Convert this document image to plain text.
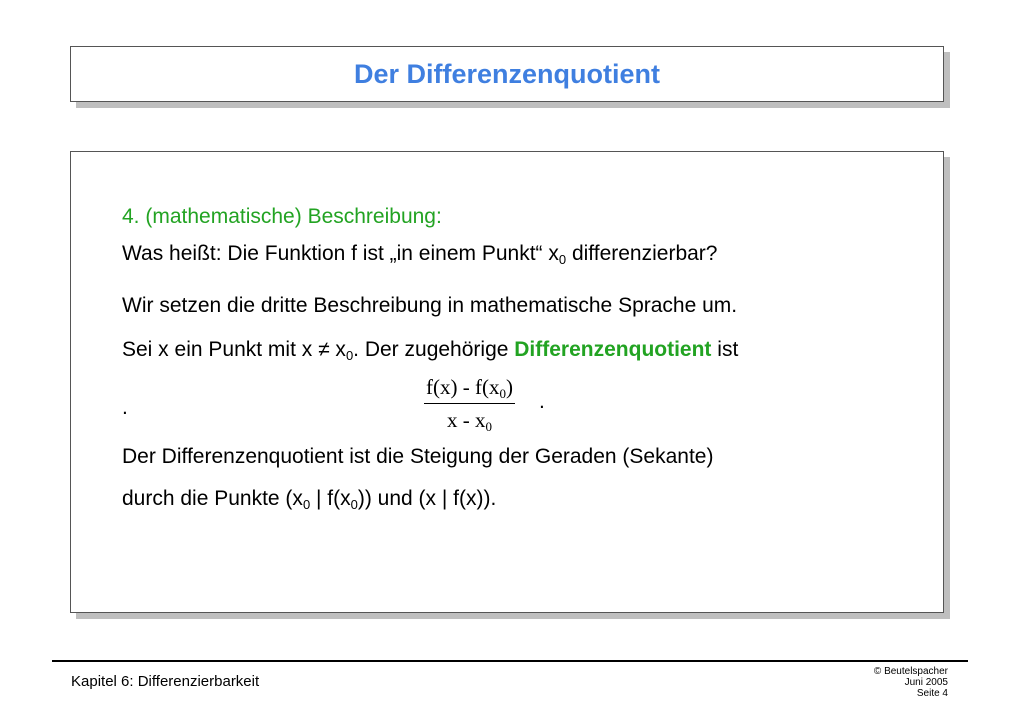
Der Differenzenquotient
4. (mathematische) Beschreibung:
Was heißt: Die Funktion f ist „in einem Punkt“ $x_0$ differenzierbar?
Wir setzen die dritte Beschreibung in mathematische Sprache um.
Sei x ein Punkt mit $x \ne x_0$. Der zugehörige Differenzenquotient ist
.	$\frac{f(x) - f(x_0)}{x - x_0}$ .
Der Differenzenquotient ist die Steigung der Geraden (Sekante)
durch die Punkte ($x_0$ | $f(x_0)$) und (x | f(x)).
Kapitel 6: Differenzierbarkeit
© Beutelspacher
Juni 2005
Seite 4
